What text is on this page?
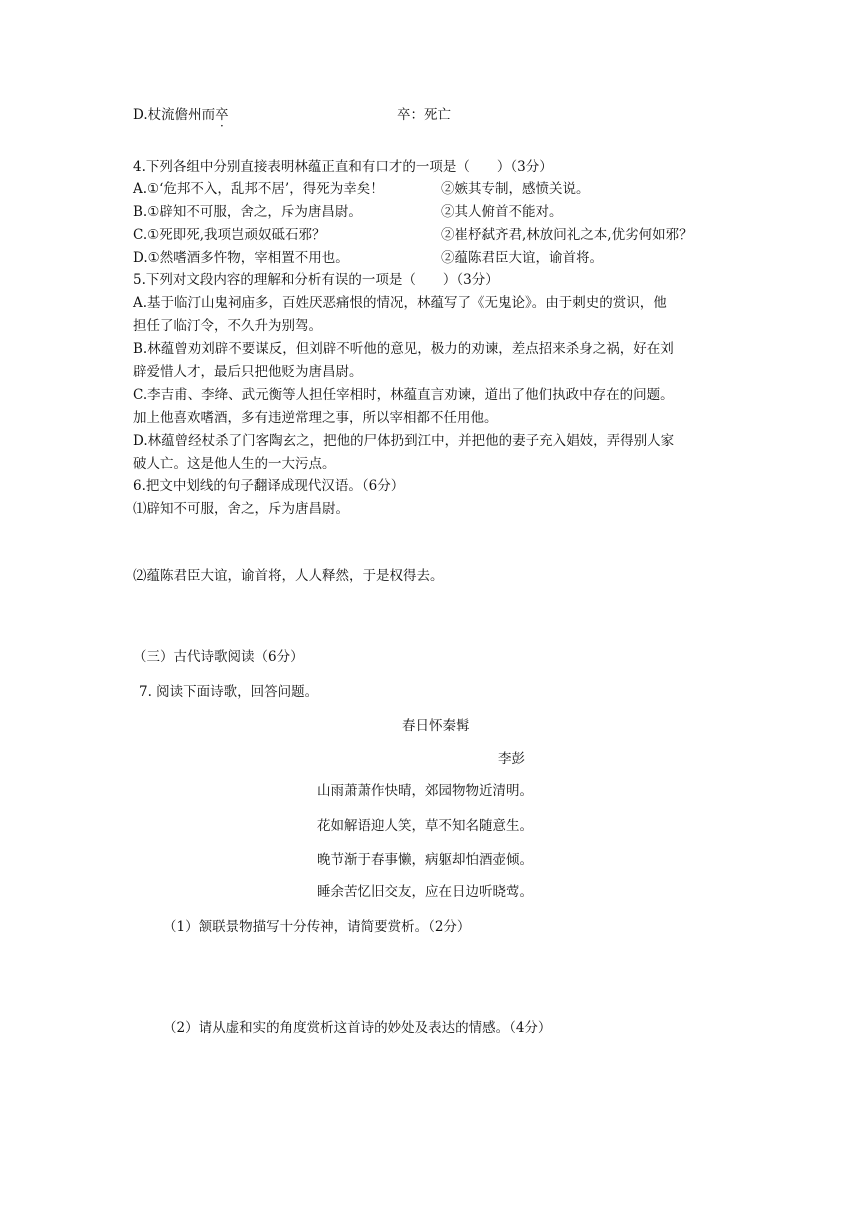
D.杖流儋州而卒	卒：死亡
4.下列各组中分别直接表明林蕴正直和有口才的一项是（　　）（3分）
A.①‘危邦不入，乱邦不居’，得死为幸矣！	②嫉其专制，感愤关说。
B.①辟知不可服，舍之，斥为唐昌尉。	②其人俯首不能对。
C.①死即死,我项岂顽奴砥石邪？	②崔杼弑齐君,林放问礼之本,优劣何如邪？
D.①然嗜酒多忤物，宰相置不用也。	②蕴陈君臣大谊，谕首将。
5.下列对文段内容的理解和分析有误的一项是（　　）（3分）
A.基于临汀山鬼祠庙多，百姓厌恶痛恨的情况，林蕴写了《无鬼论》。由于刺史的赏识，他
担任了临汀令，不久升为别驾。
B.林蕴曾劝刘辟不要谋反，但刘辟不听他的意见，极力的劝谏，差点招来杀身之祸，好在刘
辟爱惜人才，最后只把他贬为唐昌尉。
C.李吉甫、李绛、武元衡等人担任宰相时，林蕴直言劝谏，道出了他们执政中存在的问题。
加上他喜欢嗜酒，多有违逆常理之事，所以宰相都不任用他。
D.林蕴曾经杖杀了门客陶玄之，把他的尸体扔到江中，并把他的妻子充入娼妓，弄得别人家
破人亡。这是他人生的一大污点。
6.把文中划线的句子翻译成现代汉语。（6分）
⑴辟知不可服，舍之，斥为唐昌尉。
⑵蕴陈君臣大谊，谕首将，人人释然，于是权得去。
（三）古代诗歌阅读（6分）
7. 阅读下面诗歌，回答问题。
春日怀秦髯
李彭
山雨萧萧作快晴，郊园物物近清明。
花如解语迎人笑，草不知名随意生。
晚节渐于春事懒，病躯却怕酒壶倾。
睡余苦忆旧交友，应在日边听晓莺。
（1）颔联景物描写十分传神，请简要赏析。（2分）
（2）请从虚和实的角度赏析这首诗的妙处及表达的情感。（4分）
